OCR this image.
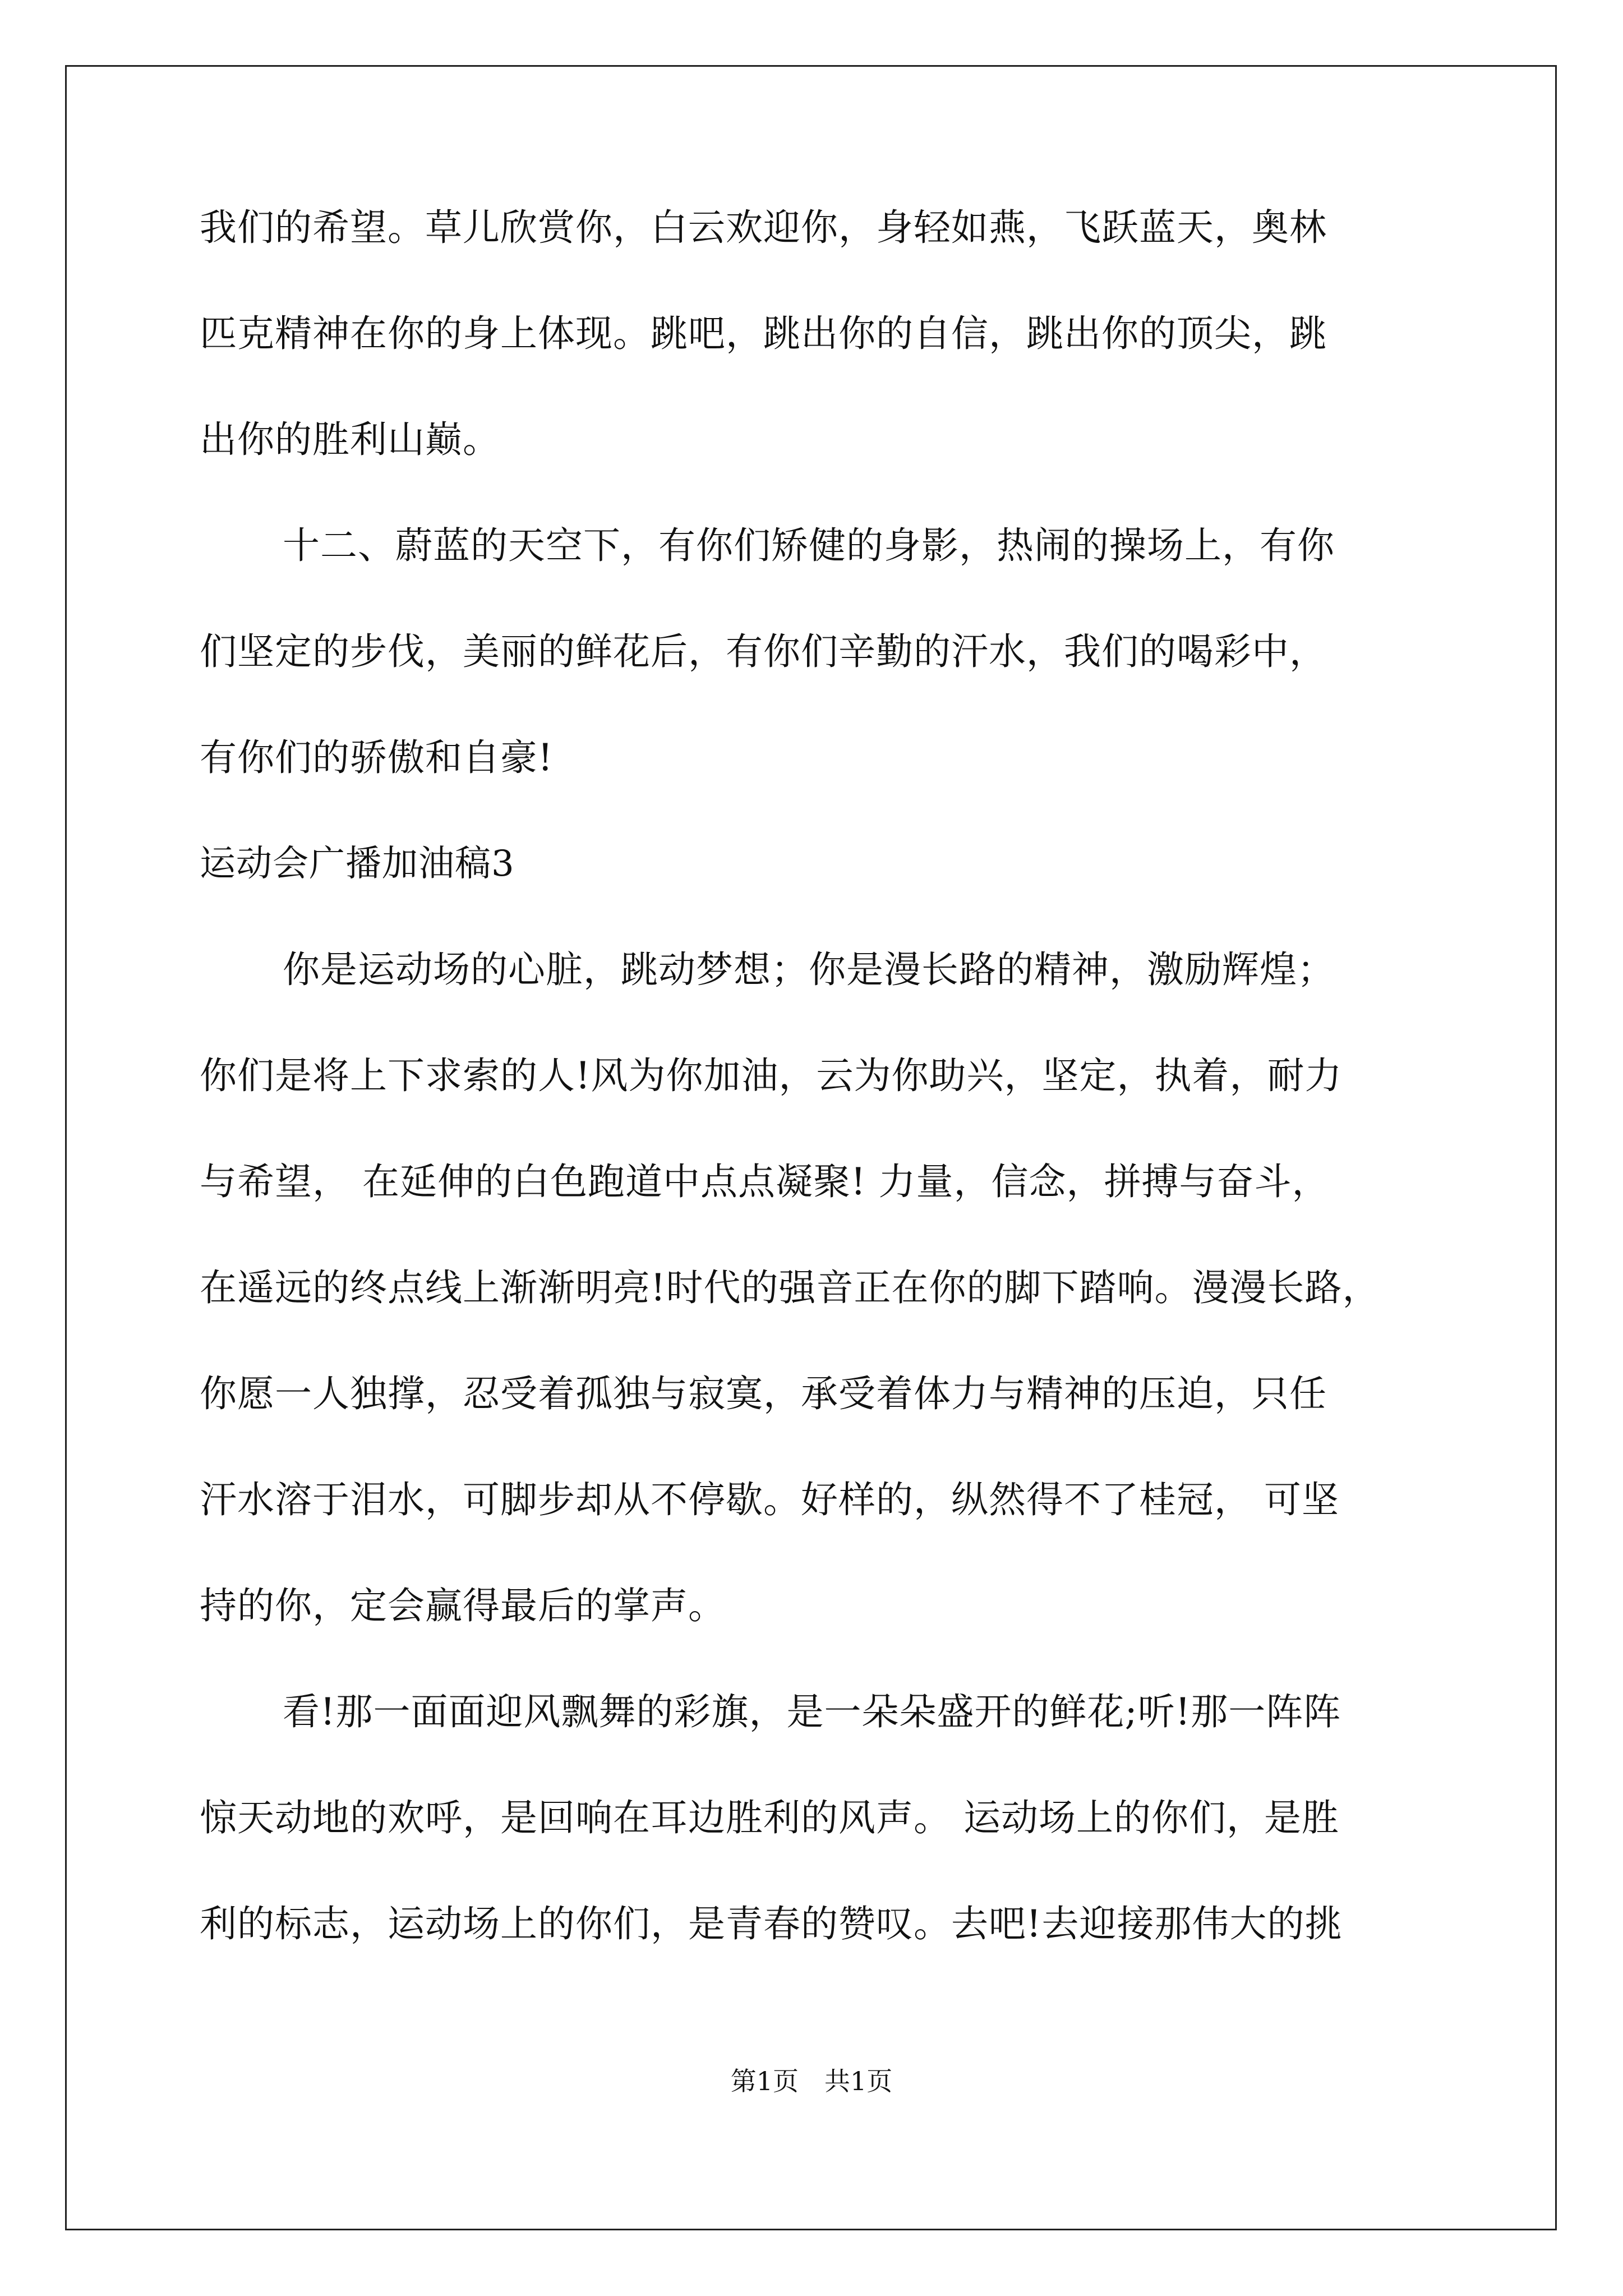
我们的希望。草儿欣赏你，白云欢迎你，身轻如燕，飞跃蓝天，奥林
匹克精神在你的身上体现。跳吧，跳出你的自信，跳出你的顶尖，跳
出你的胜利山巅。
十二、蔚蓝的天空下，有你们矫健的身影，热闹的操场上，有你
们坚定的步伐，美丽的鲜花后，有你们辛勤的汗水，我们的喝彩中，
有你们的骄傲和自豪!
运动会广播加油稿3
你是运动场的心脏，跳动梦想；你是漫长路的精神，激励辉煌；
你们是将上下求索的人!风为你加油，云为你助兴，坚定，执着，耐力
与希望， 在延伸的白色跑道中点点凝聚! 力量，信念，拼搏与奋斗，
在遥远的终点线上渐渐明亮!时代的强音正在你的脚下踏响。漫漫长路，
你愿一人独撑，忍受着孤独与寂寞，承受着体力与精神的压迫，只任
汗水溶于泪水，可脚步却从不停歇。好样的，纵然得不了桂冠， 可坚
持的你，定会赢得最后的掌声。
看!那一面面迎风飘舞的彩旗，是一朵朵盛开的鲜花;听!那一阵阵
惊天动地的欢呼，是回响在耳边胜利的风声。 运动场上的你们，是胜
利的标志，运动场上的你们，是青春的赞叹。去吧!去迎接那伟大的挑
第1页　共1页
